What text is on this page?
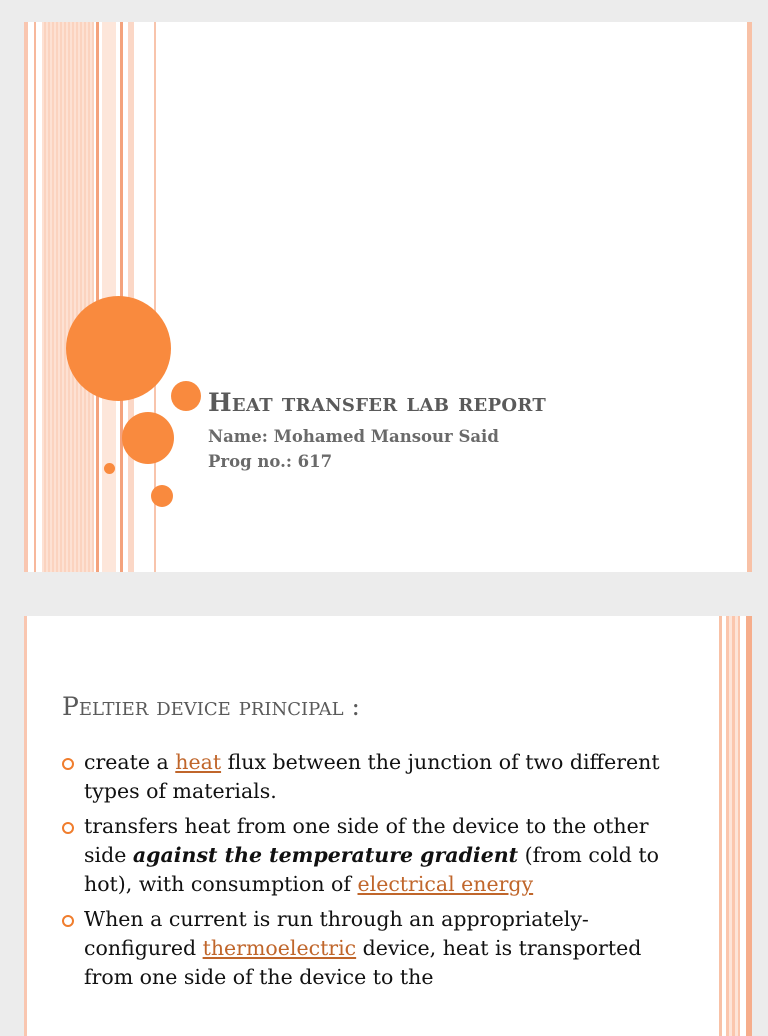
Heat transfer lab report
Name: Mohamed Mansour Said
Prog no.: 617
Peltier device principal :
create a heat flux between the junction of two different types of materials.
transfers heat from one side of the device to the other side against the temperature gradient (from cold to hot), with consumption of electrical energy
When a current is run through an appropriately-configured thermoelectric device, heat is transported from one side of the device to the
